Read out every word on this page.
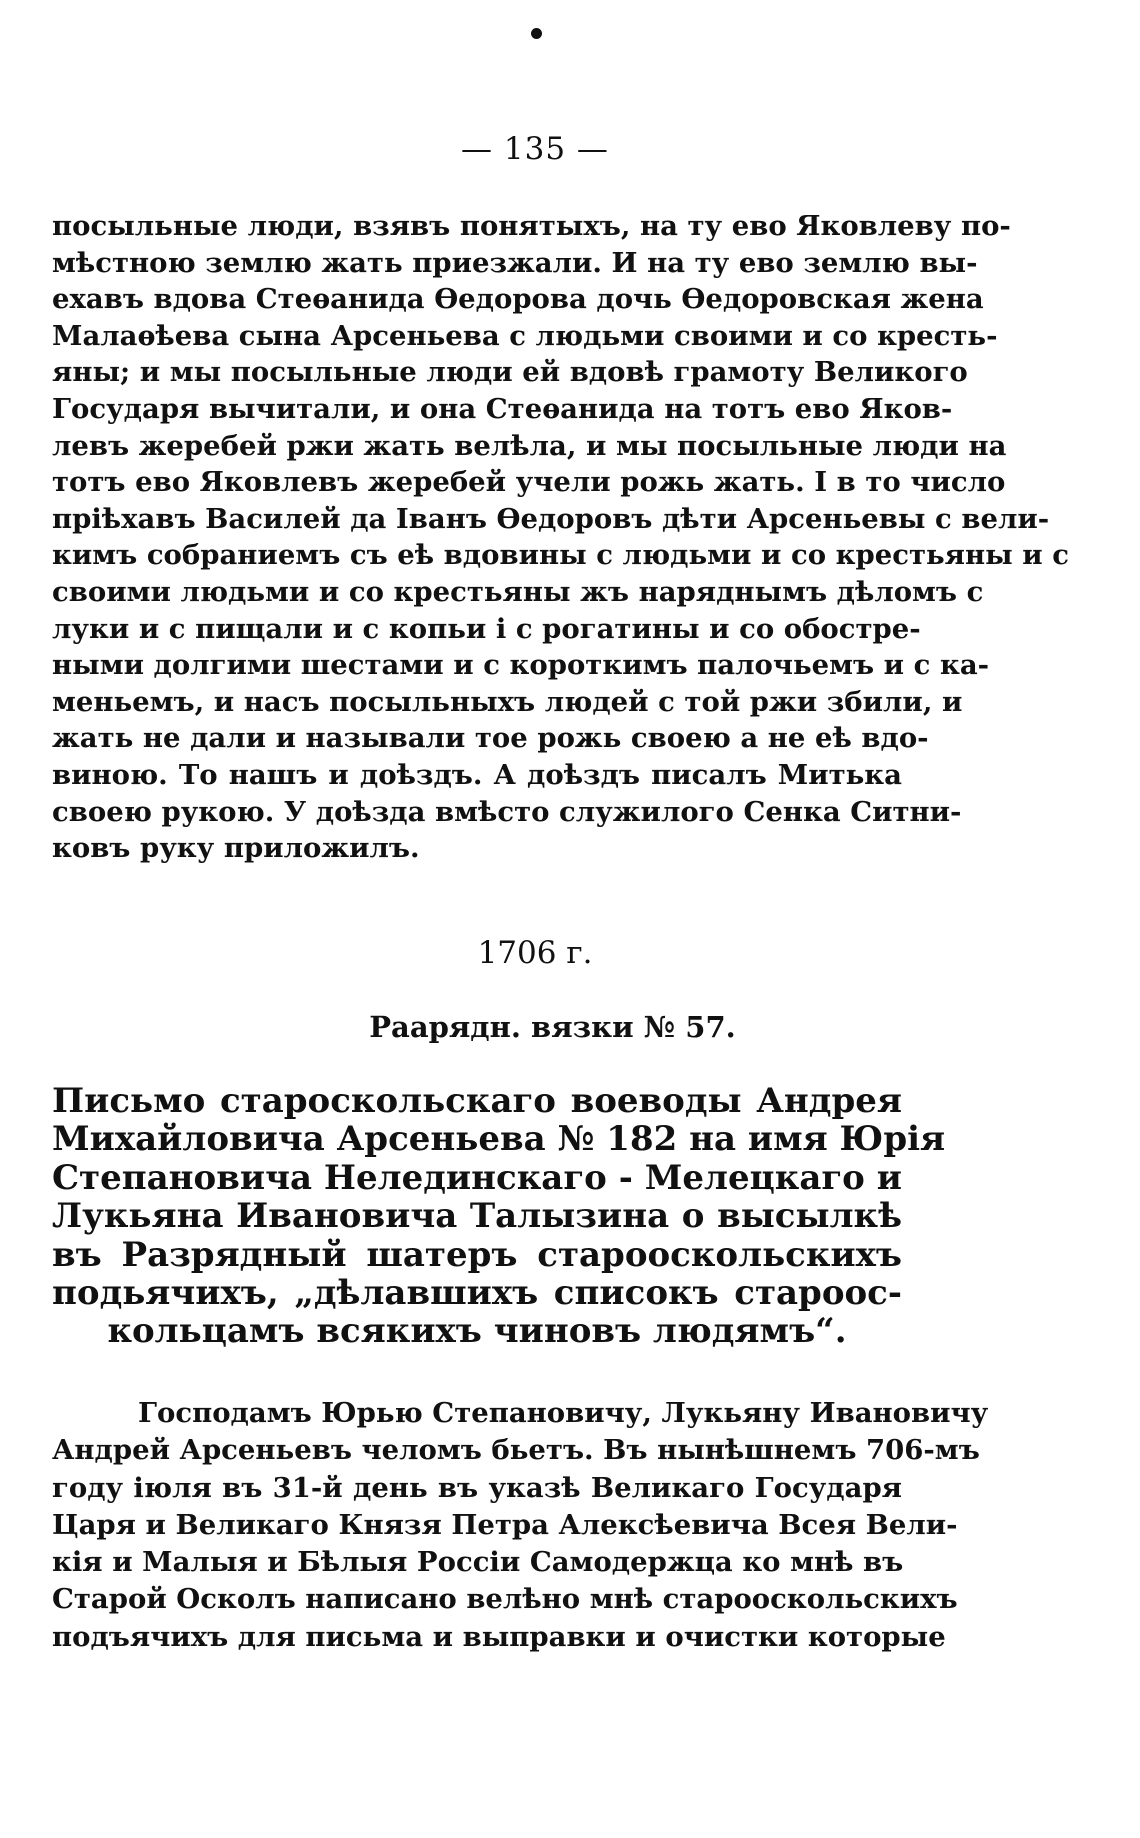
— 135 —
посыльные люди, взявъ понятыхъ, на ту ево Яковлеву по-
мѣстною землю жать приезжали. И на ту ево землю вы-
ехавъ вдова Стеѳанида Ѳедорова дочь Ѳедоровская жена
Малаѳѣева сына Арсеньева с людьми своими и со кресть-
яны; и мы посыльные люди ей вдовѣ грамоту Великого
Государя вычитали, и она Стеѳанида на тотъ ево Яков-
левъ жеребей ржи жать велѣла, и мы посыльные люди на
тотъ ево Яковлевъ жеребей учели рожь жать. I в то число
пріѣхавъ Василей да Iванъ Ѳедоровъ дѣти Арсеньевы с вели-
кимъ собраниемъ съ eѣ вдовины с людьми и со крестьяны и с
своими людьми и со крестьяны жъ наряднымъ дѣломъ с
луки и с пищали и с копьи і с рогатины и со обостре-
ными долгими шестами и с короткимъ палочьемъ и с ка-
меньемъ, и насъ посыльныхъ людей с той ржи збили, и
жать не дали и называли тое рожь своею а не eѣ вдо-
виною. То нашъ и доѣздъ. А доѣздъ писалъ Митька
своею рукою. У доѣзда вмѣсто служилого Сенка Ситни-
ковъ руку приложилъ.
1706 г.
Раарядн. вязки № 57.
Письмо староскольскаго воеводы Андрея
Михайловича Арсеньева № 182 на имя Юрія
Степановича Нелединскаго - Мелецкаго и
Лукьяна Ивановича Талызина о высылкѣ
въ Разрядный шатеръ старооскольскихъ
подьячихъ, „дѣлавшихъ списокъ старoос-
кольцамъ всякихъ чиновъ людямъ“.
Господамъ Юрью Степановичу, Лукьяну Ивановичу
Андрей Арсеньевъ челомъ бьетъ. Въ нынѣшнемъ 706-мъ
году iюля въ 31-й день въ указѣ Великаго Государя
Царя и Великаго Князя Петра Алексѣевича Всея Вели-
кія и Малыя и Бѣлыя Россiи Самодержца ко мнѣ въ
Старой Осколъ написано велѣно мнѣ старооскольскихъ
подъячихъ для письма и выправки и очистки которые
